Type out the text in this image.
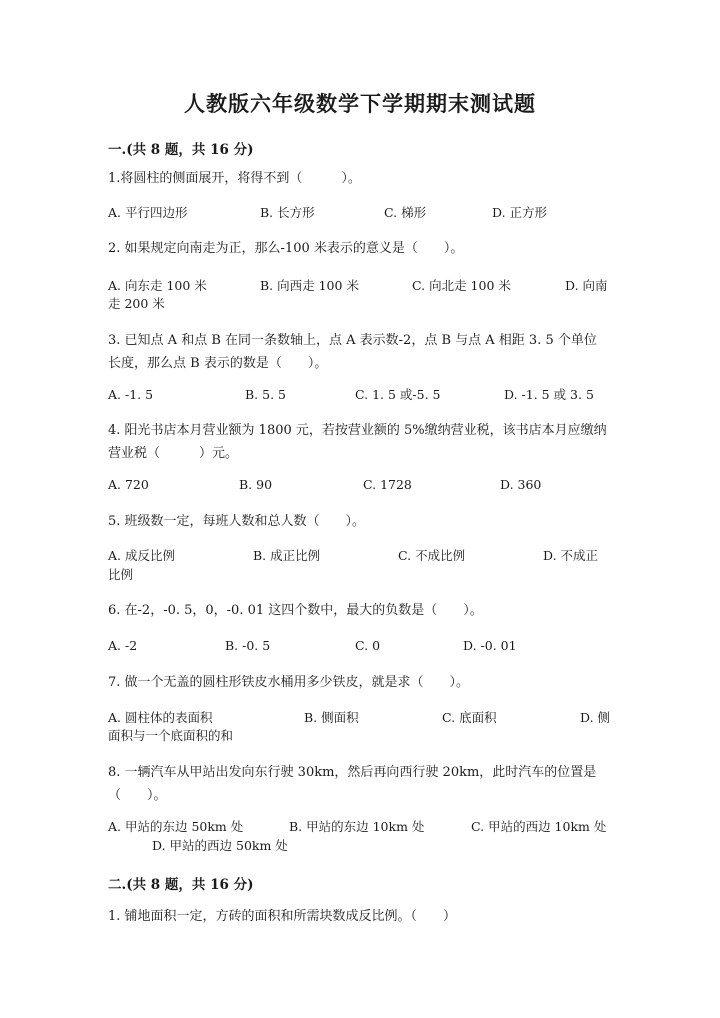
人教版六年级数学下学期期末测试题
一.(共 8 题，共 16 分)
1.将圆柱的侧面展开，将得不到（　　　）。
A. 平行四边形	B. 长方形	C. 梯形	D. 正方形
2. 如果规定向南走为正，那么-100 米表示的意义是（　　）。
A. 向东走 100 米	B. 向西走 100 米	C. 向北走 100 米	D. 向南
走 200 米
3. 已知点 A 和点 B 在同一条数轴上，点 A 表示数-2，点 B 与点 A 相距 3. 5 个单位长度，那么点 B 表示的数是（　　）。
A. -1. 5	B. 5. 5	C. 1. 5 或-5. 5	D. -1. 5 或 3. 5
4. 阳光书店本月营业额为 1800 元，若按营业额的 5%缴纳营业税，该书店本月应缴纳营业税（　　　）元。
A. 720	B. 90	C. 1728	D. 360
5. 班级数一定，每班人数和总人数（　　）。
A. 成反比例	B. 成正比例	C. 不成比例	D. 不成正
比例
6. 在-2，-0. 5，0，-0. 01 这四个数中，最大的负数是（　　）。
A. -2	B. -0. 5	C. 0	D. -0. 01
7. 做一个无盖的圆柱形铁皮水桶用多少铁皮，就是求（　　）。
A. 圆柱体的表面积	B. 侧面积	C. 底面积	D. 侧
面积与一个底面积的和
8. 一辆汽车从甲站出发向东行驶 30km，然后再向西行驶 20km，此时汽车的位置是（　　）。
A. 甲站的东边 50km 处	B. 甲站的东边 10km 处	C. 甲站的西边 10km 处
D. 甲站的西边 50km 处
二.(共 8 题，共 16 分)
1. 铺地面积一定，方砖的面积和所需块数成反比例。（　　）
